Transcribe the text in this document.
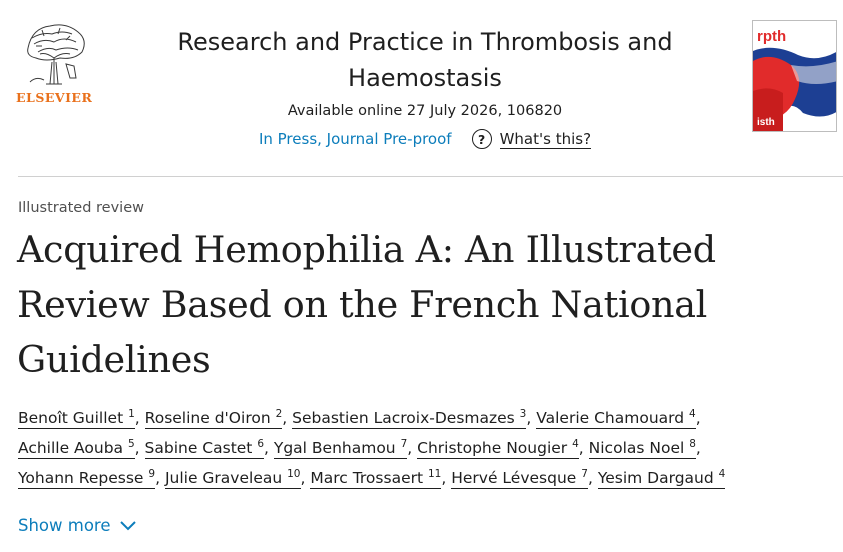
ELSEVIER
Research and Practice in Thrombosis and Haemostasis
Available online 27 July 2026, 106820
In Press, Journal Pre-proof	? What's this?
rpth
isth
Illustrated review
Acquired Hemophilia A: An Illustrated Review Based on the French National Guidelines
Benoît Guillet $^1$, Roseline d'Oiron $^2$, Sebastien Lacroix-Desmazes $^3$, Valerie Chamouard $^4$,
Achille Aouba $^5$, Sabine Castet $^6$, Ygal Benhamou $^7$, Christophe Nougier $^4$, Nicolas Noel $^8$,
Yohann Repesse $^9$, Julie Graveleau $^{10}$, Marc Trossaert $^{11}$, Hervé Lévesque $^7$, Yesim Dargaud $^4$
Show more
